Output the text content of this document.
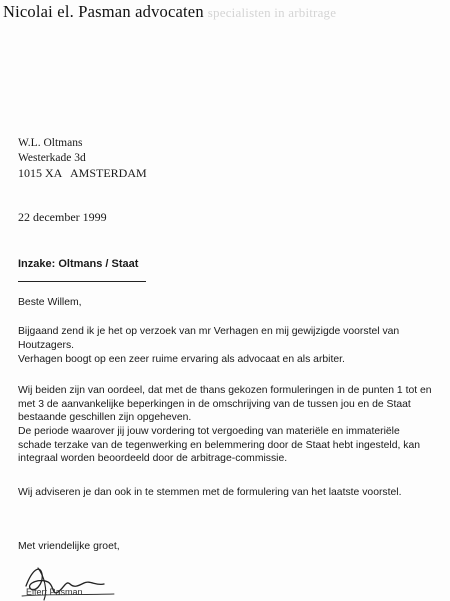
Nicolai el. Pasman advocaten specialisten in arbitrage
W.L. Oltmans
Westerkade 3d
1015 XA   AMSTERDAM
22 december 1999
Inzake: Oltmans / Staat
Beste Willem,
Bijgaand zend ik je het op verzoek van mr Verhagen en mij gewijzigde voorstel van Houtzagers.
Verhagen boogt op een zeer ruime ervaring als advocaat en als arbiter.
Wij beiden zijn van oordeel, dat met de thans gekozen formuleringen in de punten 1 tot en met 3 de aanvankelijke beperkingen in de omschrijving van de tussen jou en de Staat bestaande geschillen zijn opgeheven.
De periode waarover jij jouw vordering tot vergoeding van materiële en immateriële schade terzake van de tegenwerking en belemmering door de Staat hebt ingesteld, kan integraal worden beoordeeld door de arbitrage-commissie.
Wij adviseren je dan ook in te stemmen met de formulering van het laatste voorstel.
Met vriendelijke groet,
Elfert Pasman
